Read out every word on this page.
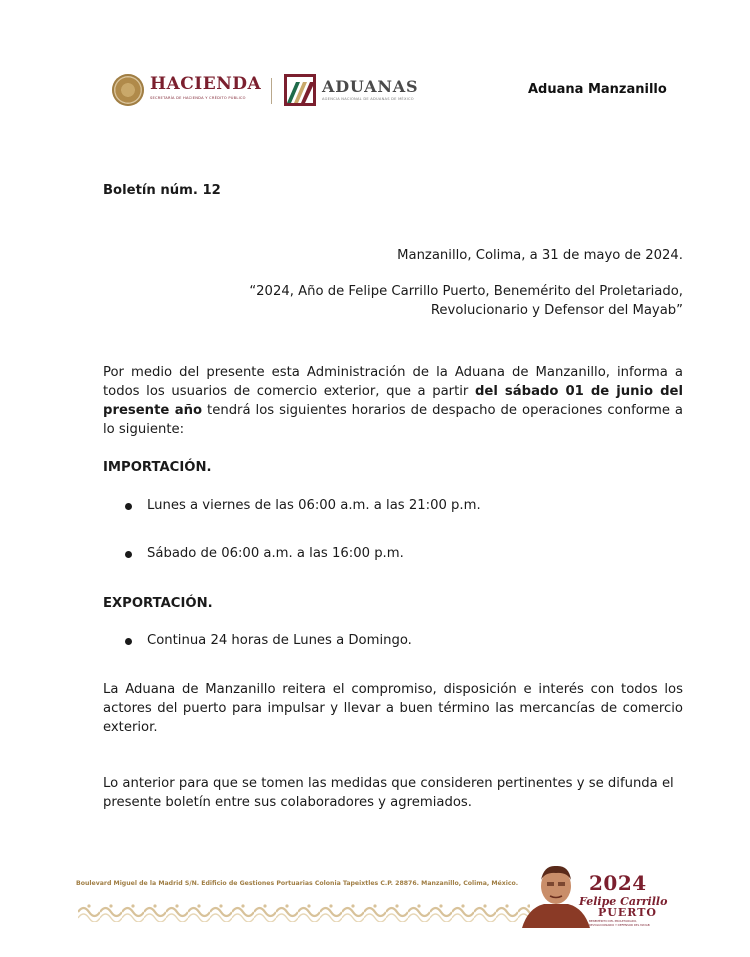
HACIENDA
SECRETARÍA DE HACIENDA Y CRÉDITO PÚBLICO
ADUANAS
AGENCIA NACIONAL DE ADUANAS DE MÉXICO
Aduana Manzanillo
Boletín núm. 12
Manzanillo, Colima, a 31 de mayo de 2024.
“2024, Año de Felipe Carrillo Puerto, Benemérito del Proletariado,
Revolucionario y Defensor del Mayab”
Por medio del presente esta Administración de la Aduana de Manzanillo, informa a todos los usuarios de comercio exterior, que a partir del sábado 01 de junio del presente año tendrá los siguientes horarios de despacho de operaciones conforme a lo siguiente:
IMPORTACIÓN.
Lunes a viernes de las 06:00 a.m. a las 21:00 p.m.
Sábado de 06:00 a.m. a las 16:00 p.m.
EXPORTACIÓN.
Continua 24 horas de Lunes a Domingo.
La Aduana de Manzanillo reitera el compromiso, disposición e interés con todos los actores del puerto para impulsar y llevar a buen término las mercancías de comercio exterior.
Lo anterior para que se tomen las medidas que consideren pertinentes y se difunda el presente boletín entre sus colaboradores y agremiados.
Boulevard Miguel de la Madrid S/N. Edificio de Gestiones Portuarias Colonia Tapeixtles C.P. 28876. Manzanillo, Colima, México.	2024
Felipe Carrillo
PUERTO
BENEMÉRITO DEL PROLETARIADO, REVOLUCIONARIO Y DEFENSOR DEL MAYAB
